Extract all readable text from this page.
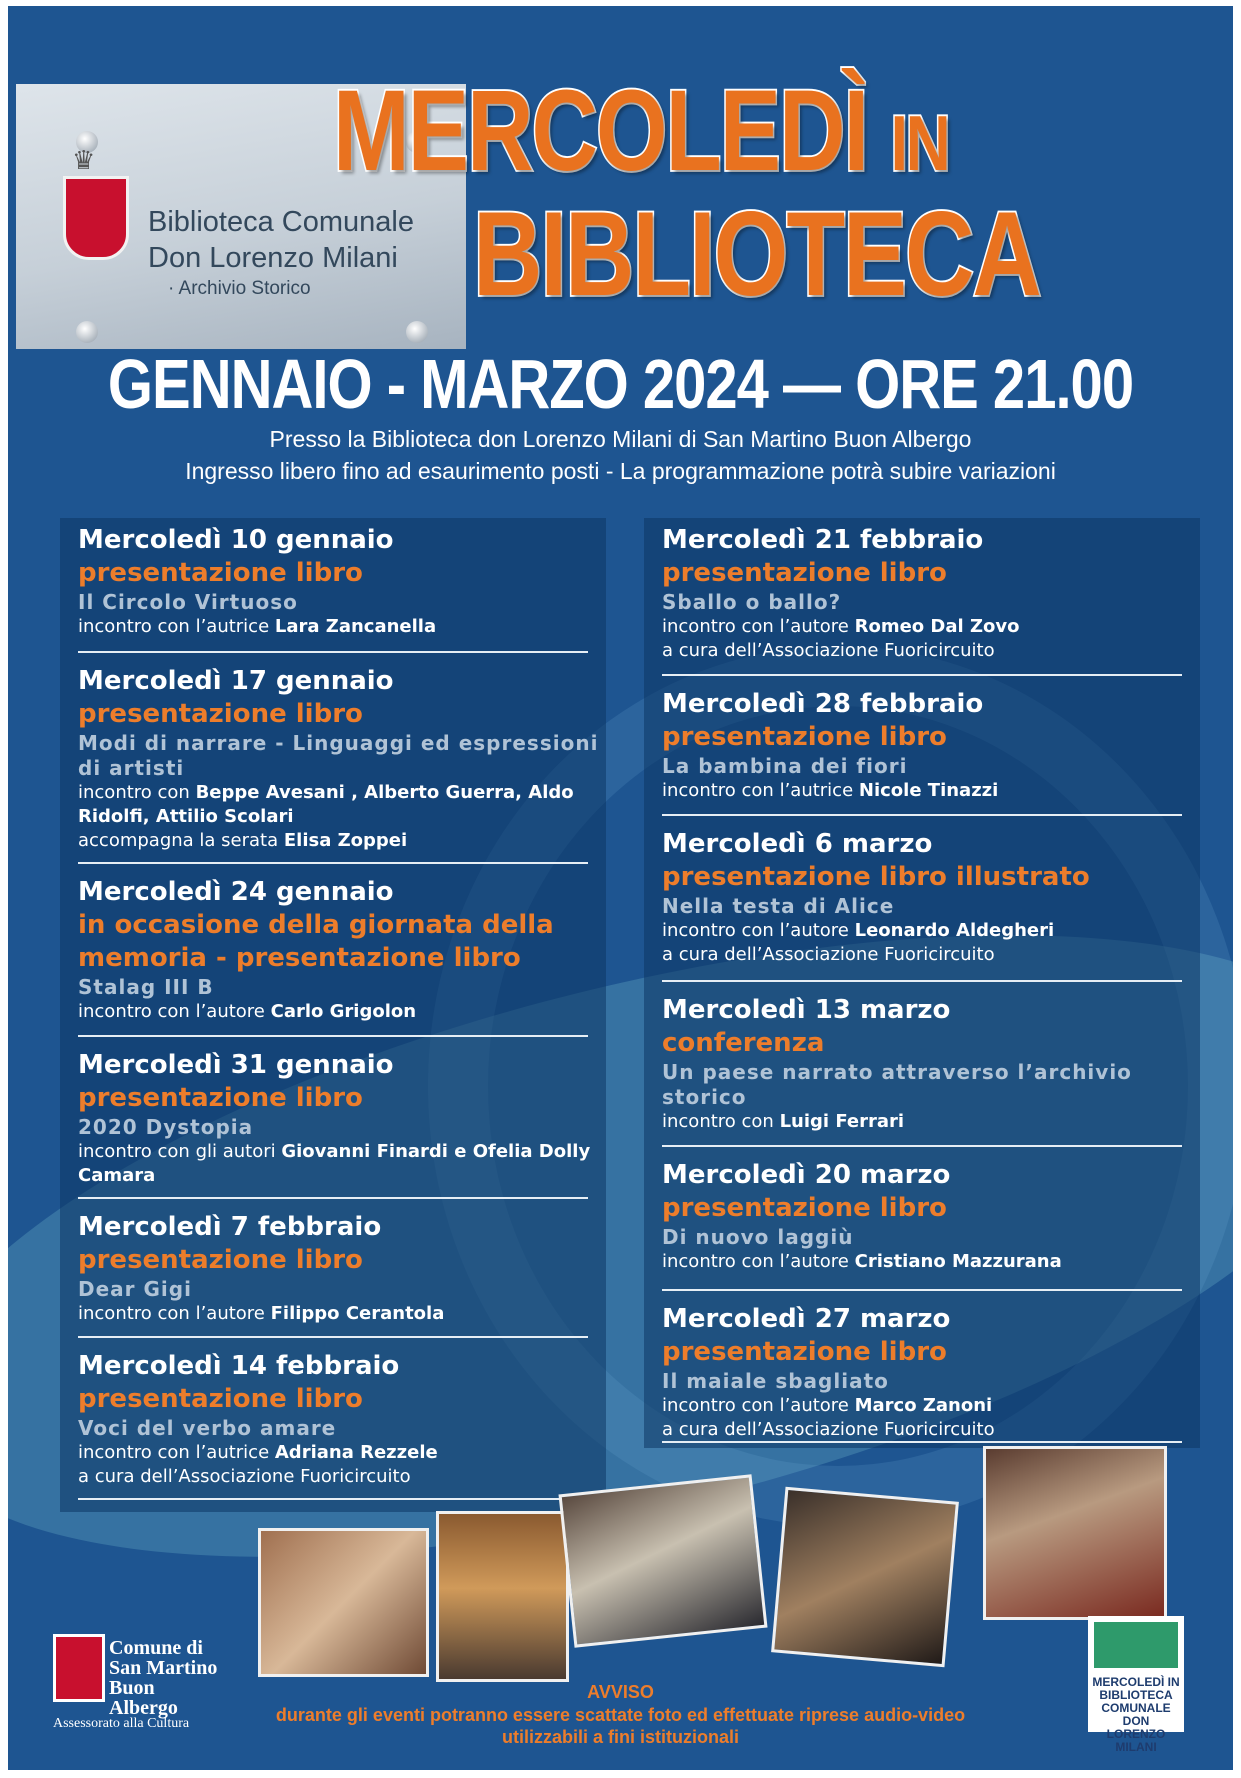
♛
Biblioteca Comunale
Don Lorenzo Milani
· Archivio Storico
MERCOLEDÌ IN
BIBLIOTECA
GENNAIO - MARZO 2024 — ORE 21.00
Presso la Biblioteca don Lorenzo Milani di San Martino Buon Albergo
Ingresso libero fino ad esaurimento posti - La programmazione potrà subire variazioni
Mercoledì 10 gennaio
presentazione libro
Il Circolo Virtuoso
incontro con l’autrice Lara Zancanella
Mercoledì 17 gennaio
presentazione libro
Modi di narrare - Linguaggi ed espressioni di artisti
incontro con Beppe Avesani , Alberto Guerra, Aldo Ridolfi, Attilio Scolari
accompagna la serata Elisa Zoppei
Mercoledì 24 gennaio
in occasione della giornata della memoria - presentazione libro
Stalag III B
incontro con l’autore Carlo Grigolon
Mercoledì 31 gennaio
presentazione libro
2020 Dystopia
incontro con gli autori Giovanni Finardi e Ofelia Dolly Camara
Mercoledì 7 febbraio
presentazione libro
Dear Gigi
incontro con l’autore Filippo Cerantola
Mercoledì 14 febbraio
presentazione libro
Voci del verbo amare
incontro con l’autrice Adriana Rezzele
a cura dell’Associazione Fuoricircuito
Mercoledì 21 febbraio
presentazione libro
Sballo o ballo?
incontro con l’autore Romeo Dal Zovo
a cura dell’Associazione Fuoricircuito
Mercoledì 28 febbraio
presentazione libro
La bambina dei fiori
incontro con l’autrice Nicole Tinazzi
Mercoledì 6 marzo
presentazione libro illustrato
Nella testa di Alice
incontro con l’autore Leonardo Aldegheri
a cura dell’Associazione Fuoricircuito
Mercoledì 13 marzo
conferenza
Un paese narrato attraverso l’archivio storico
incontro con Luigi Ferrari
Mercoledì 20 marzo
presentazione libro
Di nuovo laggiù
incontro con l’autore Cristiano Mazzurana
Mercoledì 27 marzo
presentazione libro
Il maiale sbagliato
incontro con l’autore Marco Zanoni
a cura dell’Associazione Fuoricircuito
Comune di San Martino Buon Albergo
Assessorato alla Cultura
MERCOLEDÌ IN BIBLIOTECA COMUNALE DON LORENZO MILANI
AVVISO
durante gli eventi potranno essere scattate foto ed effettuate riprese audio-video
utilizzabili a fini istituzionali
